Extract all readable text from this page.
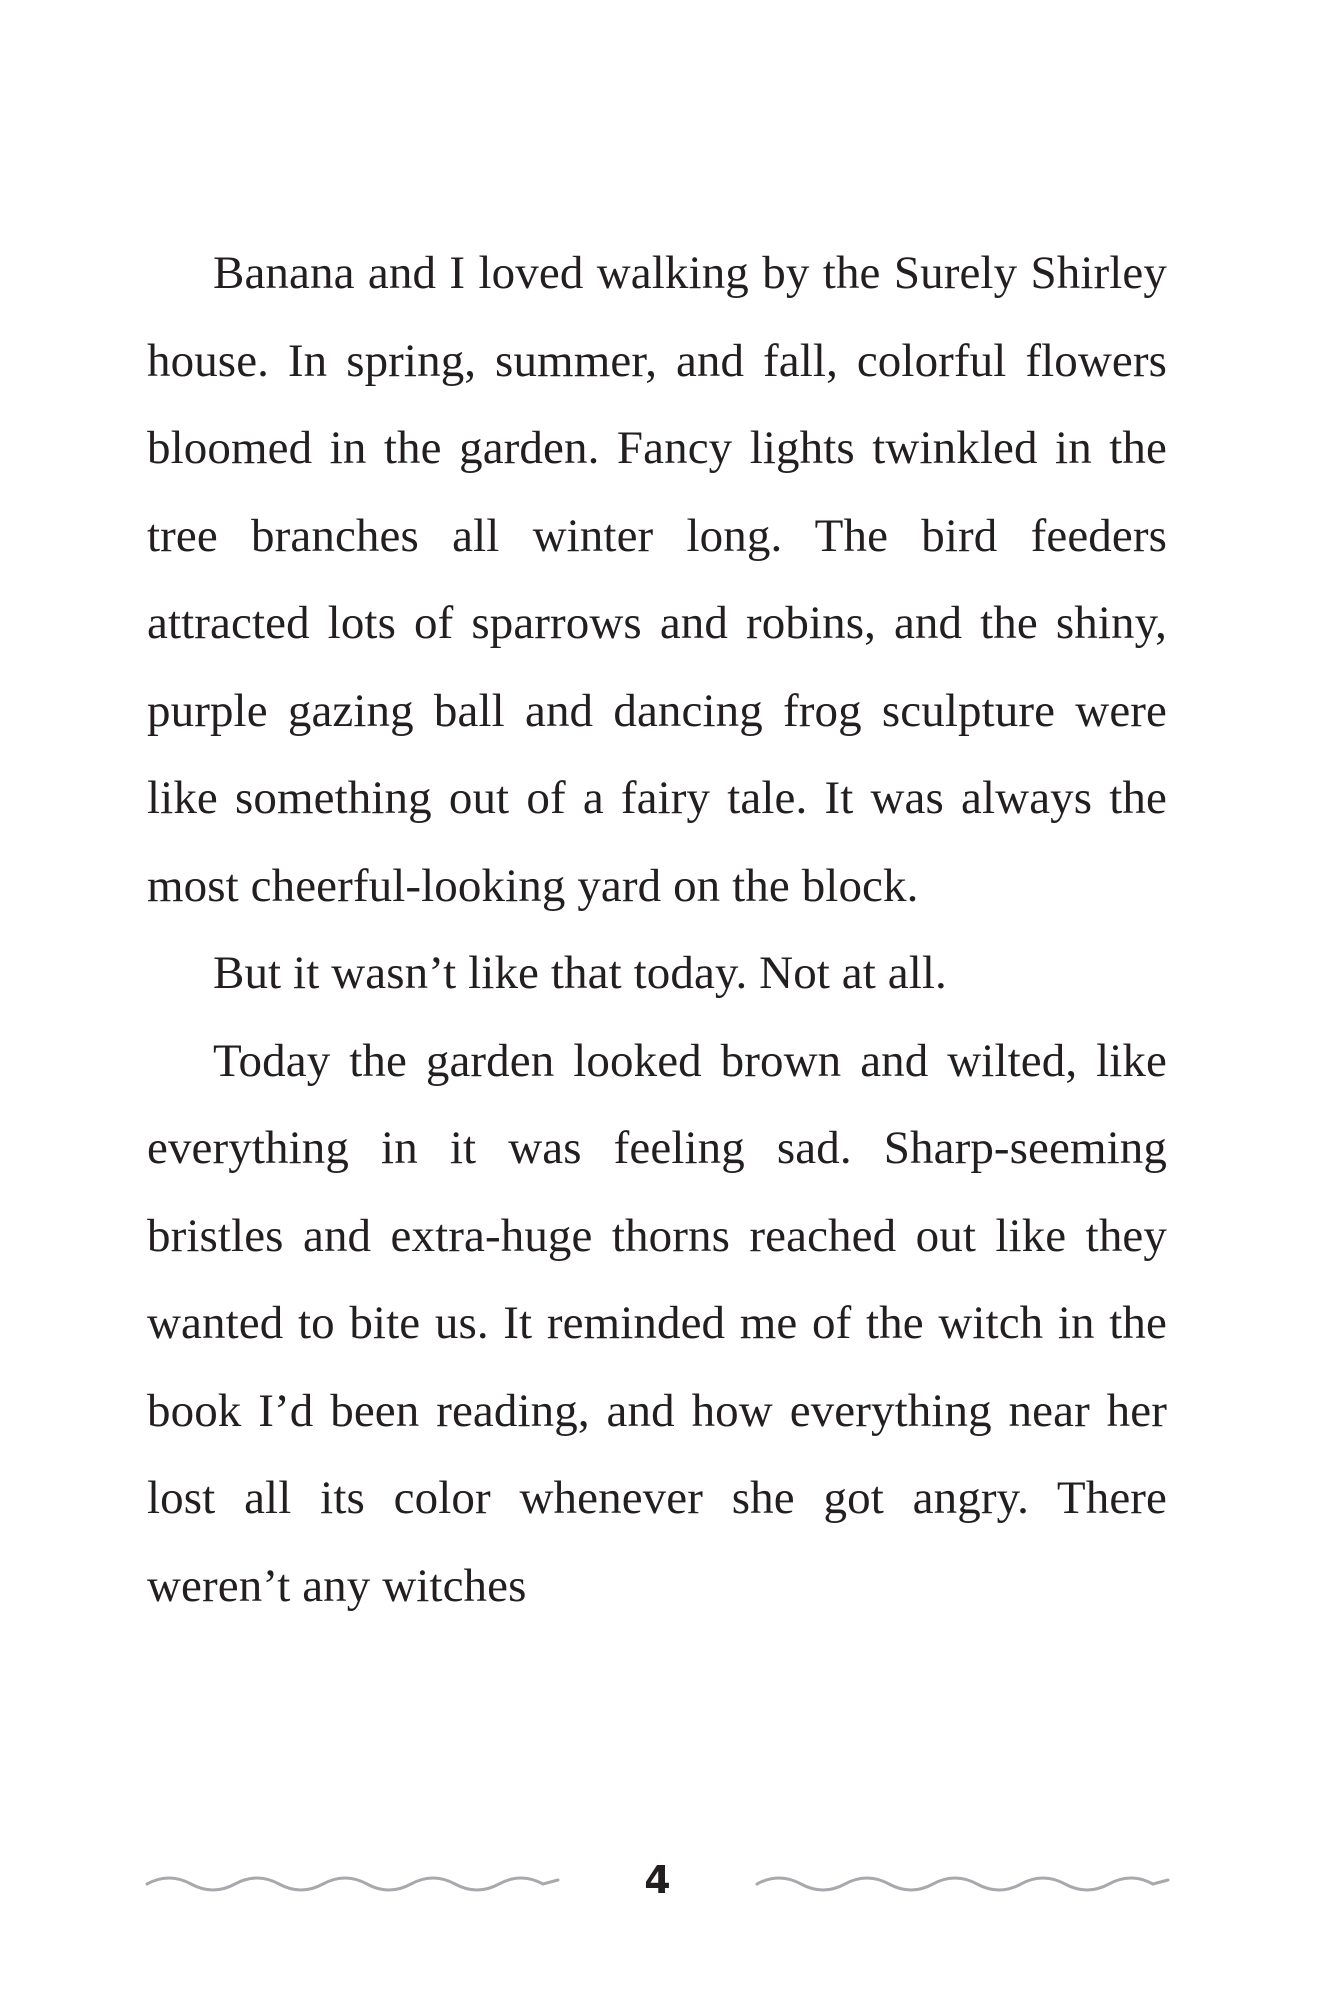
Banana and I loved walking by the Surely Shirley house. In spring, summer, and fall, colorful flowers bloomed in the garden. Fancy lights twinkled in the tree branches all winter long. The bird feeders attracted lots of sparrows and robins, and the shiny, purple gazing ball and dancing frog sculpture were like something out of a fairy tale. It was always the most cheerful-looking yard on the block.

But it wasn’t like that today. Not at all.

Today the garden looked brown and wilted, like everything in it was feeling sad. Sharp-seeming bristles and extra-huge thorns reached out like they wanted to bite us. It reminded me of the witch in the book I’d been reading, and how everything near her lost all its color whenever she got angry. There weren’t any witches

4
